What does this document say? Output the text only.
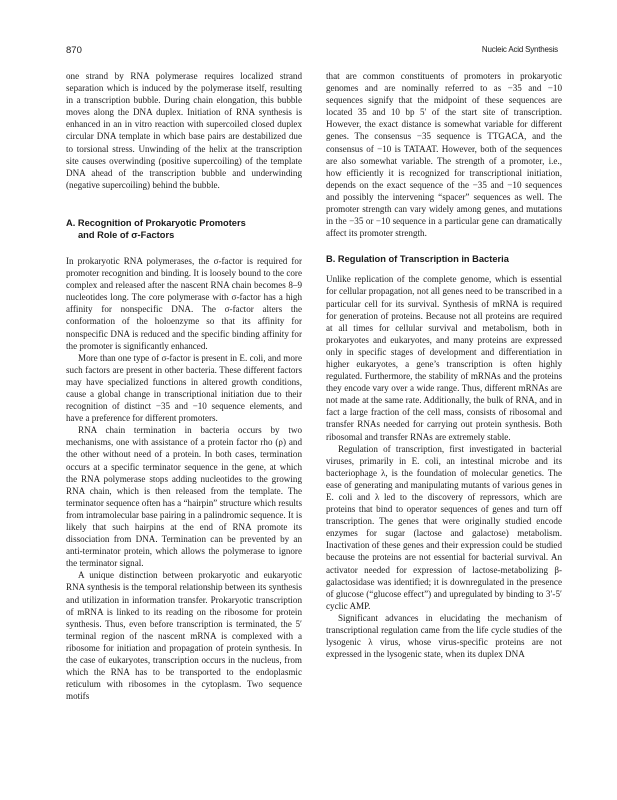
870	Nucleic Acid Synthesis

one strand by RNA polymerase requires localized strand separation which is induced by the polymerase itself, resulting in a transcription bubble. During chain elongation, this bubble moves along the DNA duplex. Initiation of RNA synthesis is enhanced in an in vitro reaction with supercoiled closed duplex circular DNA template in which base pairs are destabilized due to torsional stress. Unwinding of the helix at the transcription site causes overwinding (positive supercoiling) of the template DNA ahead of the transcription bubble and underwinding (negative supercoiling) behind the bubble.

A. Recognition of Prokaryotic Promoters
and Role of σ-Factors

In prokaryotic RNA polymerases, the σ-factor is required for promoter recognition and binding. It is loosely bound to the core complex and released after the nascent RNA chain becomes 8–9 nucleotides long. The core polymerase with σ-factor has a high affinity for nonspecific DNA. The σ-factor alters the conformation of the holoenzyme so that its affinity for nonspecific DNA is reduced and the specific binding affinity for the promoter is significantly enhanced.

More than one type of σ-factor is present in E. coli, and more such factors are present in other bacteria. These different factors may have specialized functions in altered growth conditions, cause a global change in transcriptional initiation due to their recognition of distinct −35 and −10 sequence elements, and have a preference for different promoters.

RNA chain termination in bacteria occurs by two mechanisms, one with assistance of a protein factor rho (ρ) and the other without need of a protein. In both cases, termination occurs at a specific terminator sequence in the gene, at which the RNA polymerase stops adding nucleotides to the growing RNA chain, which is then released from the template. The terminator sequence often has a “hairpin” structure which results from intramolecular base pairing in a palindromic sequence. It is likely that such hairpins at the end of RNA promote its dissociation from DNA. Termination can be prevented by an anti-terminator protein, which allows the polymerase to ignore the terminator signal.

A unique distinction between prokaryotic and eukaryotic RNA synthesis is the temporal relationship between its synthesis and utilization in information transfer. Prokaryotic transcription of mRNA is linked to its reading on the ribosome for protein synthesis. Thus, even before transcription is terminated, the 5′ terminal region of the nascent mRNA is complexed with a ribosome for initiation and propagation of protein synthesis. In the case of eukaryotes, transcription occurs in the nucleus, from which the RNA has to be transported to the endoplasmic reticulum with ribosomes in the cytoplasm. Two sequence motifs

that are common constituents of promoters in prokaryotic genomes and are nominally referred to as −35 and −10 sequences signify that the midpoint of these sequences are located 35 and 10 bp 5′ of the start site of transcription. However, the exact distance is somewhat variable for different genes. The consensus −35 sequence is TTGACA, and the consensus of −10 is TATAAT. However, both of the sequences are also somewhat variable. The strength of a promoter, i.e., how efficiently it is recognized for transcriptional initiation, depends on the exact sequence of the −35 and −10 sequences and possibly the intervening “spacer” sequences as well. The promoter strength can vary widely among genes, and mutations in the −35 or −10 sequence in a particular gene can dramatically affect its promoter strength.

B. Regulation of Transcription in Bacteria

Unlike replication of the complete genome, which is essential for cellular propagation, not all genes need to be transcribed in a particular cell for its survival. Synthesis of mRNA is required for generation of proteins. Because not all proteins are required at all times for cellular survival and metabolism, both in prokaryotes and eukaryotes, and many proteins are expressed only in specific stages of development and differentiation in higher eukaryotes, a gene’s transcription is often highly regulated. Furthermore, the stability of mRNAs and the proteins they encode vary over a wide range. Thus, different mRNAs are not made at the same rate. Additionally, the bulk of RNA, and in fact a large fraction of the cell mass, consists of ribosomal and transfer RNAs needed for carrying out protein synthesis. Both ribosomal and transfer RNAs are extremely stable.

Regulation of transcription, first investigated in bacterial viruses, primarily in E. coli, an intestinal microbe and its bacteriophage λ, is the foundation of molecular genetics. The ease of generating and manipulating mutants of various genes in E. coli and λ led to the discovery of repressors, which are proteins that bind to operator sequences of genes and turn off transcription. The genes that were originally studied encode enzymes for sugar (lactose and galactose) metabolism. Inactivation of these genes and their expression could be studied because the proteins are not essential for bacterial survival. An activator needed for expression of lactose-metabolizing β-galactosidase was identified; it is downregulated in the presence of glucose (“glucose effect”) and upregulated by binding to 3′-5′ cyclic AMP.

Significant advances in elucidating the mechanism of transcriptional regulation came from the life cycle studies of the lysogenic λ virus, whose virus-specific proteins are not expressed in the lysogenic state, when its duplex DNA
